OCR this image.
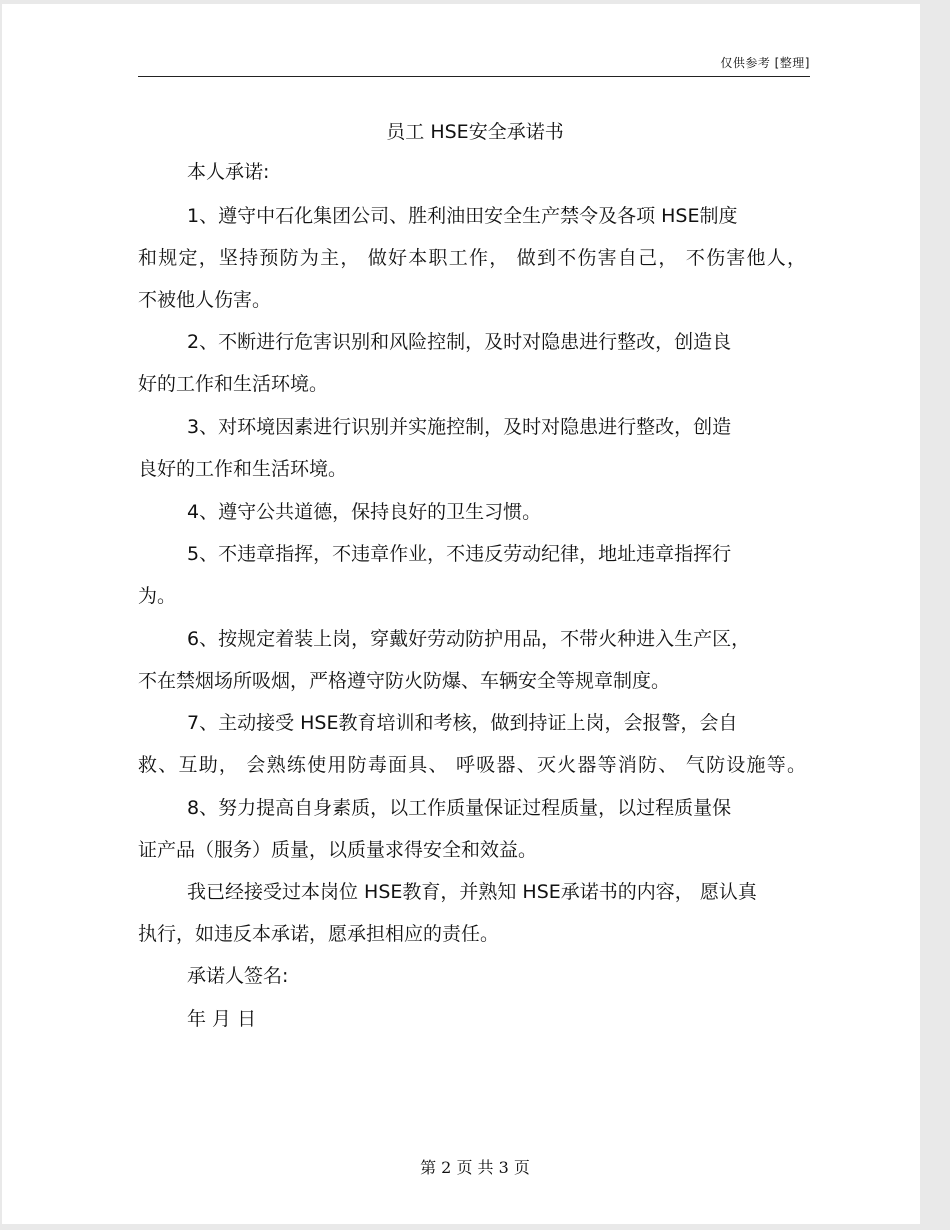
仅供参考 [整理]
员工 HSE安全承诺书
本人承诺:
1、遵守中石化集团公司、胜利油田安全生产禁令及各项 HSE制度
和规定，坚持预防为主， 做好本职工作， 做到不伤害自己， 不伤害他人，
不被他人伤害。
2、不断进行危害识别和风险控制，及时对隐患进行整改，创造良
好的工作和生活环境。
3、对环境因素进行识别并实施控制，及时对隐患进行整改，创造
良好的工作和生活环境。
4、遵守公共道德，保持良好的卫生习惯。
5、不违章指挥，不违章作业，不违反劳动纪律，地址违章指挥行
为。
6、按规定着装上岗，穿戴好劳动防护用品，不带火种进入生产区，
不在禁烟场所吸烟，严格遵守防火防爆、车辆安全等规章制度。
7、主动接受 HSE教育培训和考核，做到持证上岗，会报警，会自
救、互助， 会熟练使用防毒面具、 呼吸器、灭火器等消防、 气防设施等。
8、努力提高自身素质，以工作质量保证过程质量，以过程质量保
证产品（服务）质量，以质量求得安全和效益。
我已经接受过本岗位 HSE教育，并熟知 HSE承诺书的内容， 愿认真
执行，如违反本承诺，愿承担相应的责任。
承诺人签名:
年 月 日
第 2 页 共 3 页
